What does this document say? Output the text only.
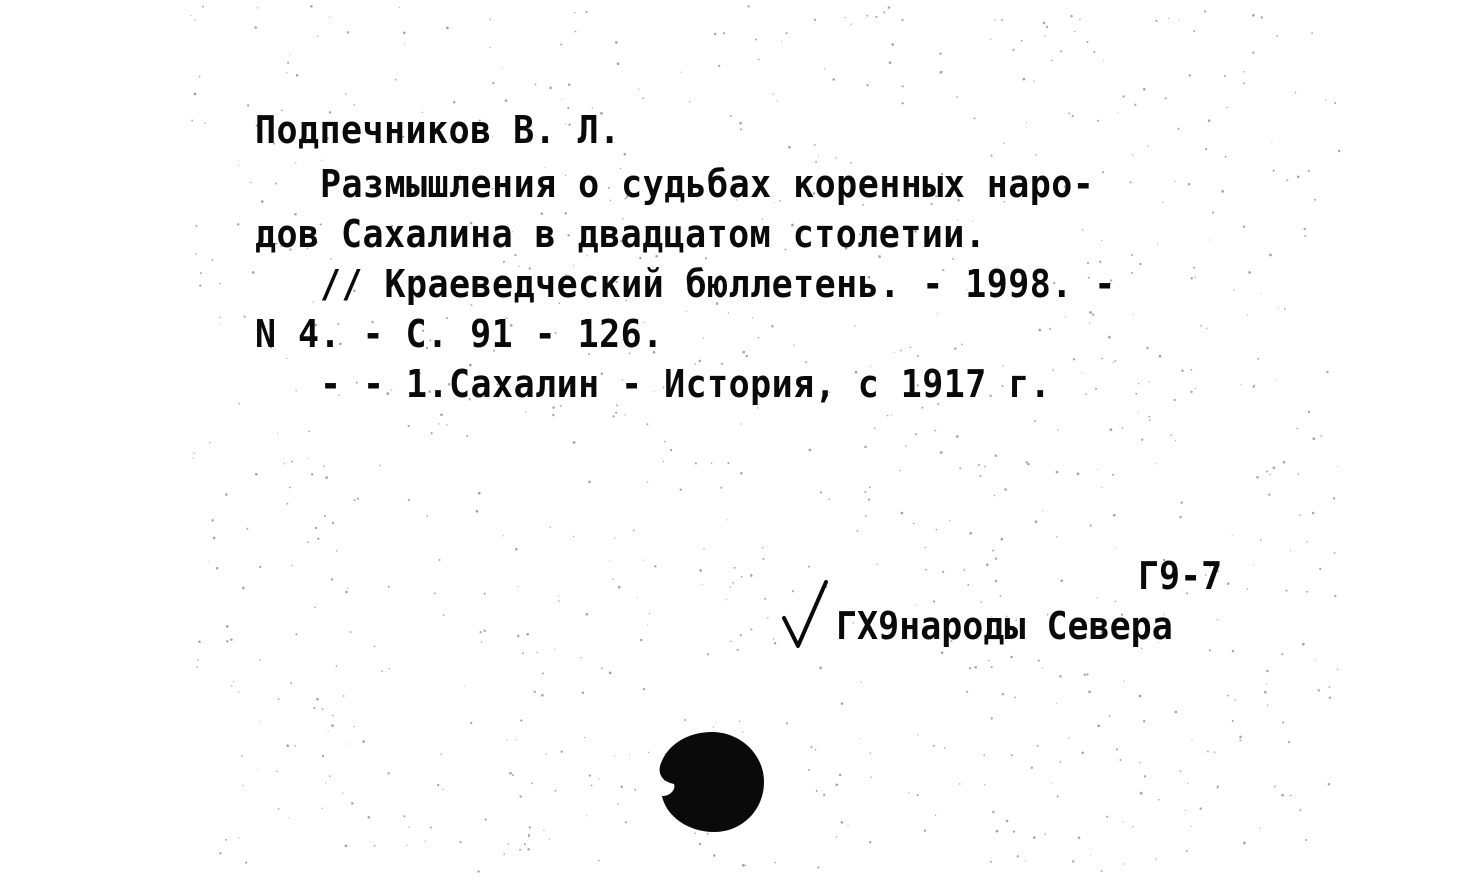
Подпечников В. Л.
Размышления о судьбах коренных наро-
дов Сахалина в двадцатом столетии.
// Краеведческий бюллетень. - 1998. -
N 4. - С. 91 - 126.
- - 1.Сахалин - История, с 1917 г.
Г9-7
ГХ9народы Севера
